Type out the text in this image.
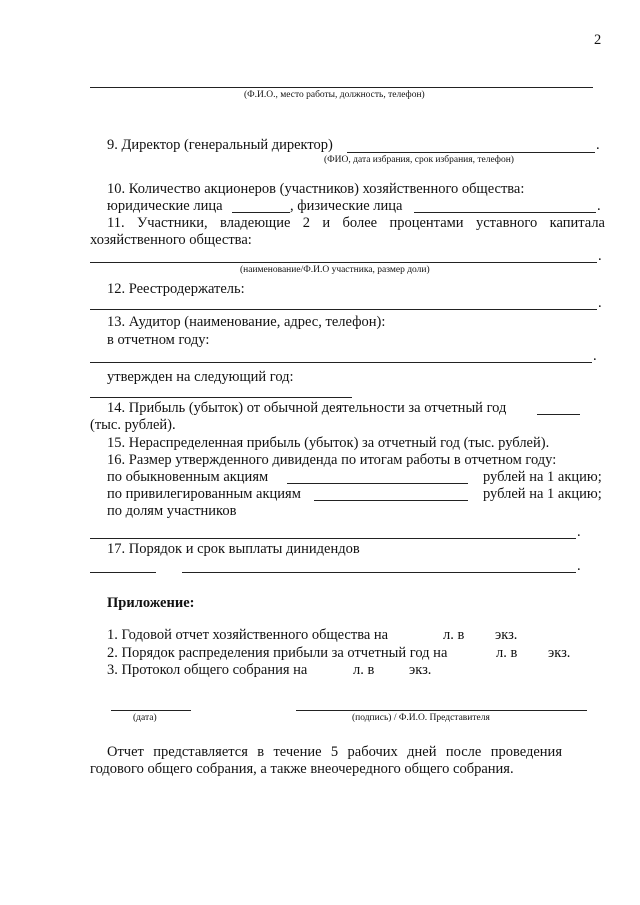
2
(Ф.И.О., место работы, должность, телефон)
9. Директор (генеральный директор)	.
(ФИО, дата избрания, срок избрания, телефон)
10. Количество акционеров (участников) хозяйственного общества:
юридические лица	, физические лица	.
11. Участники, владеющие 2 и более процентами уставного капитала
хозяйственного общества:
.
(наименование/Ф.И.О участника, размер доли)
12. Реестродержатель:
.
13. Аудитор (наименование, адрес, телефон):
в отчетном году:
.
утвержден на следующий год:
14. Прибыль (убыток) от обычной деятельности за отчетный год
(тыс. рублей).
15. Нераспределенная прибыль (убыток) за отчетный год (тыс. рублей).
16. Размер утвержденного дивиденда по итогам работы в отчетном году:
по обыкновенным акциям	рублей на 1 акцию;
по привилегированным акциям	рублей на 1 акцию;
по долям участников
.
17. Порядок и срок выплаты динидендов
.
Приложение:
1. Годовой отчет хозяйственного общества на	л. в экз.
2. Порядок распределения прибыли за отчетный год на	л. в экз.
3. Протокол общего собрания на	л. в экз.
(дата)	(подпись) / Ф.И.О. Представителя
Отчет представляется в течение 5 рабочих дней после проведения
годового общего собрания, а также внеочередного общего собрания.
